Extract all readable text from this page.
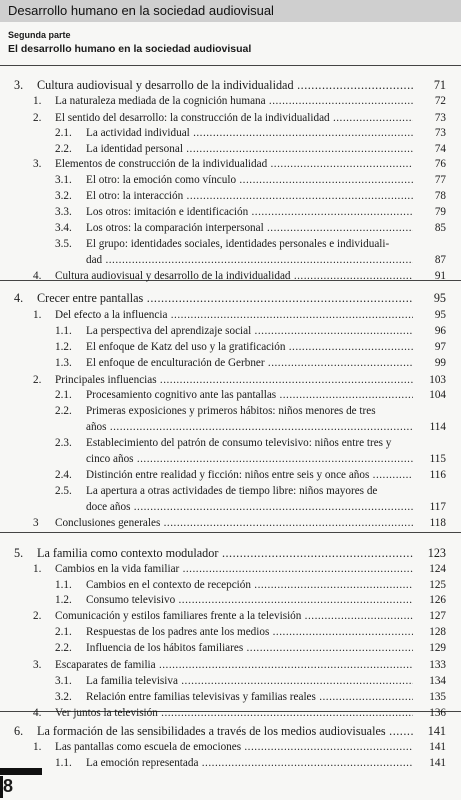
Desarrollo humano en la sociedad audiovisual
Segunda parte
El desarrollo humano en la sociedad audiovisual
3. Cultura audiovisual y desarrollo de la individualidad .....	71
1. La naturaleza mediada de la cognición humana .....	72
2. El sentido del desarrollo: la construcción de la individualidad .....	73
2.1. La actividad individual .....	73
2.2. La identidad personal .....	74
3. Elementos de construcción de la individualidad .....	76
3.1. El otro: la emoción como vínculo .....	77
3.2. El otro: la interacción .....	78
3.3. Los otros: imitación e identificación .....	79
3.4. Los otros: la comparación interpersonal .....	85
3.5. El grupo: identidades sociales, identidades personales e individuali-
dad .....	87
4. Cultura audiovisual y desarrollo de la individualidad .....	91
4. Crecer entre pantallas .....	95
1. Del efecto a la influencia .....	95
1.1. La perspectiva del aprendizaje social .....	96
1.2. El enfoque de Katz del uso y la gratificación .....	97
1.3. El enfoque de enculturación de Gerbner .....	99
2. Principales influencias .....	103
2.1. Procesamiento cognitivo ante las pantallas .....	104
2.2. Primeras exposiciones y primeros hábitos: niños menores de tres
años .....	114
2.3. Establecimiento del patrón de consumo televisivo: niños entre tres y
cinco años .....	115
2.4. Distinción entre realidad y ficción: niños entre seis y once años .....	116
2.5. La apertura a otras actividades de tiempo libre: niños mayores de
doce años .....	117
3 Conclusiones generales .....	118
5. La familia como contexto modulador .....	123
1. Cambios en la vida familiar .....	124
1.1. Cambios en el contexto de recepción .....	125
1.2. Consumo televisivo .....	126
2. Comunicación y estilos familiares frente a la televisión .....	127
2.1. Respuestas de los padres ante los medios .....	128
2.2. Influencia de los hábitos familiares .....	129
3. Escaparates de familia .....	133
3.1. La familia televisiva .....	134
3.2. Relación entre familias televisivas y familias reales .....	135
4. Ver juntos la televisión .....	136
6. La formación de las sensibilidades a través de los medios audiovisuales .....	141
1. Las pantallas como escuela de emociones .....	141
1.1. La emoción representada .....	141
8
